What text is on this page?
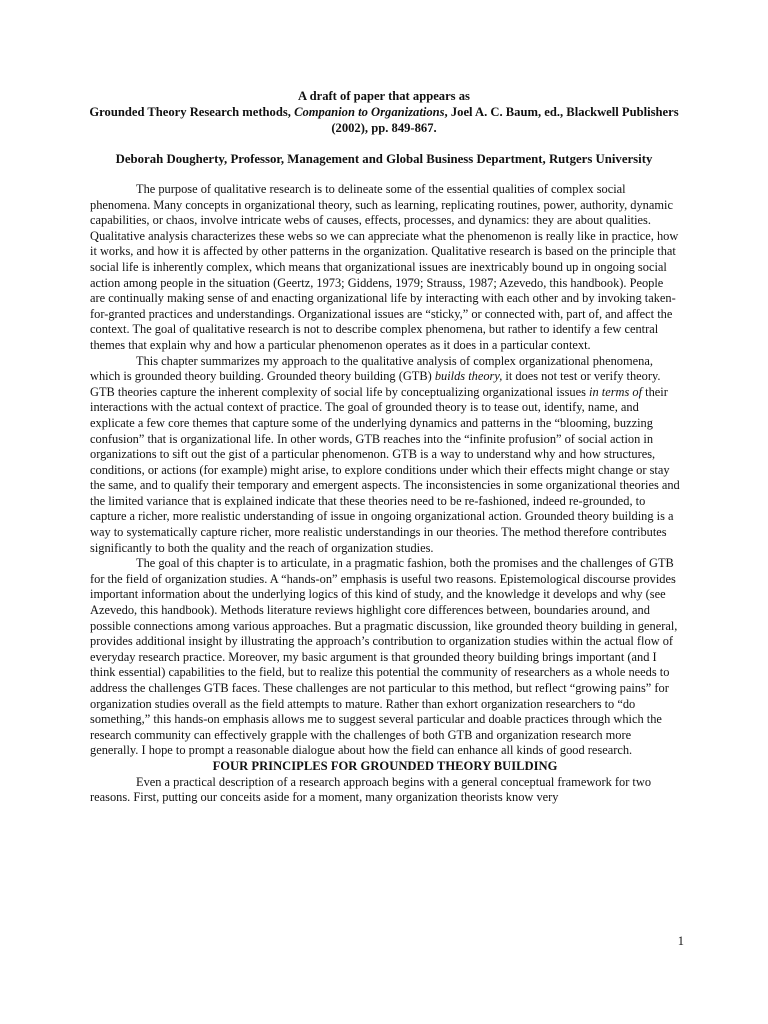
A draft of paper that appears as
Grounded Theory Research methods, Companion to Organizations, Joel A. C. Baum, ed., Blackwell Publishers (2002), pp. 849-867.
Deborah Dougherty, Professor, Management and Global Business Department, Rutgers University

The purpose of qualitative research is to delineate some of the essential qualities of complex social phenomena. Many concepts in organizational theory, such as learning, replicating routines, power, authority, dynamic capabilities, or chaos, involve intricate webs of causes, effects, processes, and dynamics: they are about qualities. Qualitative analysis characterizes these webs so we can appreciate what the phenomenon is really like in practice, how it works, and how it is affected by other patterns in the organization. Qualitative research is based on the principle that social life is inherently complex, which means that organizational issues are inextricably bound up in ongoing social action among people in the situation (Geertz, 1973; Giddens, 1979; Strauss, 1987; Azevedo, this handbook). People are continually making sense of and enacting organizational life by interacting with each other and by invoking taken-for-granted practices and understandings. Organizational issues are “sticky,” or connected with, part of, and affect the context. The goal of qualitative research is not to describe complex phenomena, but rather to identify a few central themes that explain why and how a particular phenomenon operates as it does in a particular context.

This chapter summarizes my approach to the qualitative analysis of complex organizational phenomena, which is grounded theory building. Grounded theory building (GTB) builds theory, it does not test or verify theory. GTB theories capture the inherent complexity of social life by conceptualizing organizational issues in terms of their interactions with the actual context of practice. The goal of grounded theory is to tease out, identify, name, and explicate a few core themes that capture some of the underlying dynamics and patterns in the “blooming, buzzing confusion” that is organizational life. In other words, GTB reaches into the “infinite profusion” of social action in organizations to sift out the gist of a particular phenomenon. GTB is a way to understand why and how structures, conditions, or actions (for example) might arise, to explore conditions under which their effects might change or stay the same, and to qualify their temporary and emergent aspects. The inconsistencies in some organizational theories and the limited variance that is explained indicate that these theories need to be re-fashioned, indeed re-grounded, to capture a richer, more realistic understanding of issue in ongoing organizational action. Grounded theory building is a way to systematically capture richer, more realistic understandings in our theories. The method therefore contributes significantly to both the quality and the reach of organization studies.

The goal of this chapter is to articulate, in a pragmatic fashion, both the promises and the challenges of GTB for the field of organization studies. A “hands-on” emphasis is useful two reasons. Epistemological discourse provides important information about the underlying logics of this kind of study, and the knowledge it develops and why (see Azevedo, this handbook). Methods literature reviews highlight core differences between, boundaries around, and possible connections among various approaches. But a pragmatic discussion, like grounded theory building in general, provides additional insight by illustrating the approach’s contribution to organization studies within the actual flow of everyday research practice. Moreover, my basic argument is that grounded theory building brings important (and I think essential) capabilities to the field, but to realize this potential the community of researchers as a whole needs to address the challenges GTB faces. These challenges are not particular to this method, but reflect “growing pains” for organization studies overall as the field attempts to mature. Rather than exhort organization researchers to “do something,” this hands-on emphasis allows me to suggest several particular and doable practices through which the research community can effectively grapple with the challenges of both GTB and organization research more generally. I hope to prompt a reasonable dialogue about how the field can enhance all kinds of good research.

FOUR PRINCIPLES FOR GROUNDED THEORY BUILDING

Even a practical description of a research approach begins with a general conceptual framework for two reasons. First, putting our conceits aside for a moment, many organization theorists know very

1
